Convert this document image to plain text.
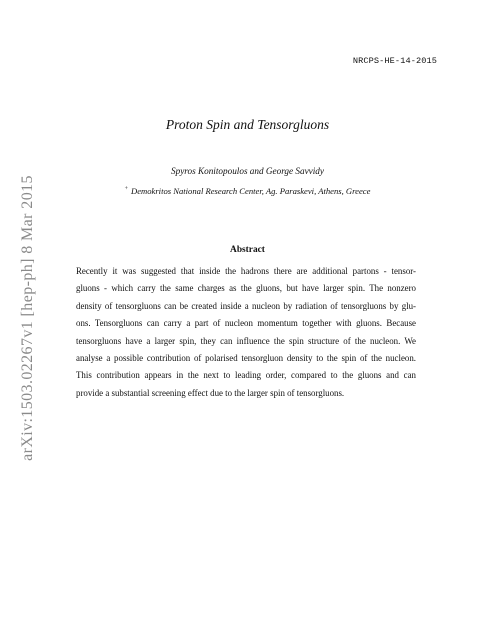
NRCPS-HE-14-2015
Proton Spin and Tensorgluons
Spyros Konitopoulos and George Savvidy
+ Demokritos National Research Center, Ag. Paraskevi, Athens, Greece
Abstract
Recently it was suggested that inside the hadrons there are additional partons - tensor-
gluons - which carry the same charges as the gluons, but have larger spin. The nonzero
density of tensorgluons can be created inside a nucleon by radiation of tensorgluons by glu-
ons. Tensorgluons can carry a part of nucleon momentum together with gluons. Because
tensorgluons have a larger spin, they can influence the spin structure of the nucleon. We
analyse a possible contribution of polarised tensorgluon density to the spin of the nucleon.
This contribution appears in the next to leading order, compared to the gluons and can
provide a substantial screening effect due to the larger spin of tensorgluons.
arXiv:1503.02267v1 [hep-ph] 8 Mar 2015
